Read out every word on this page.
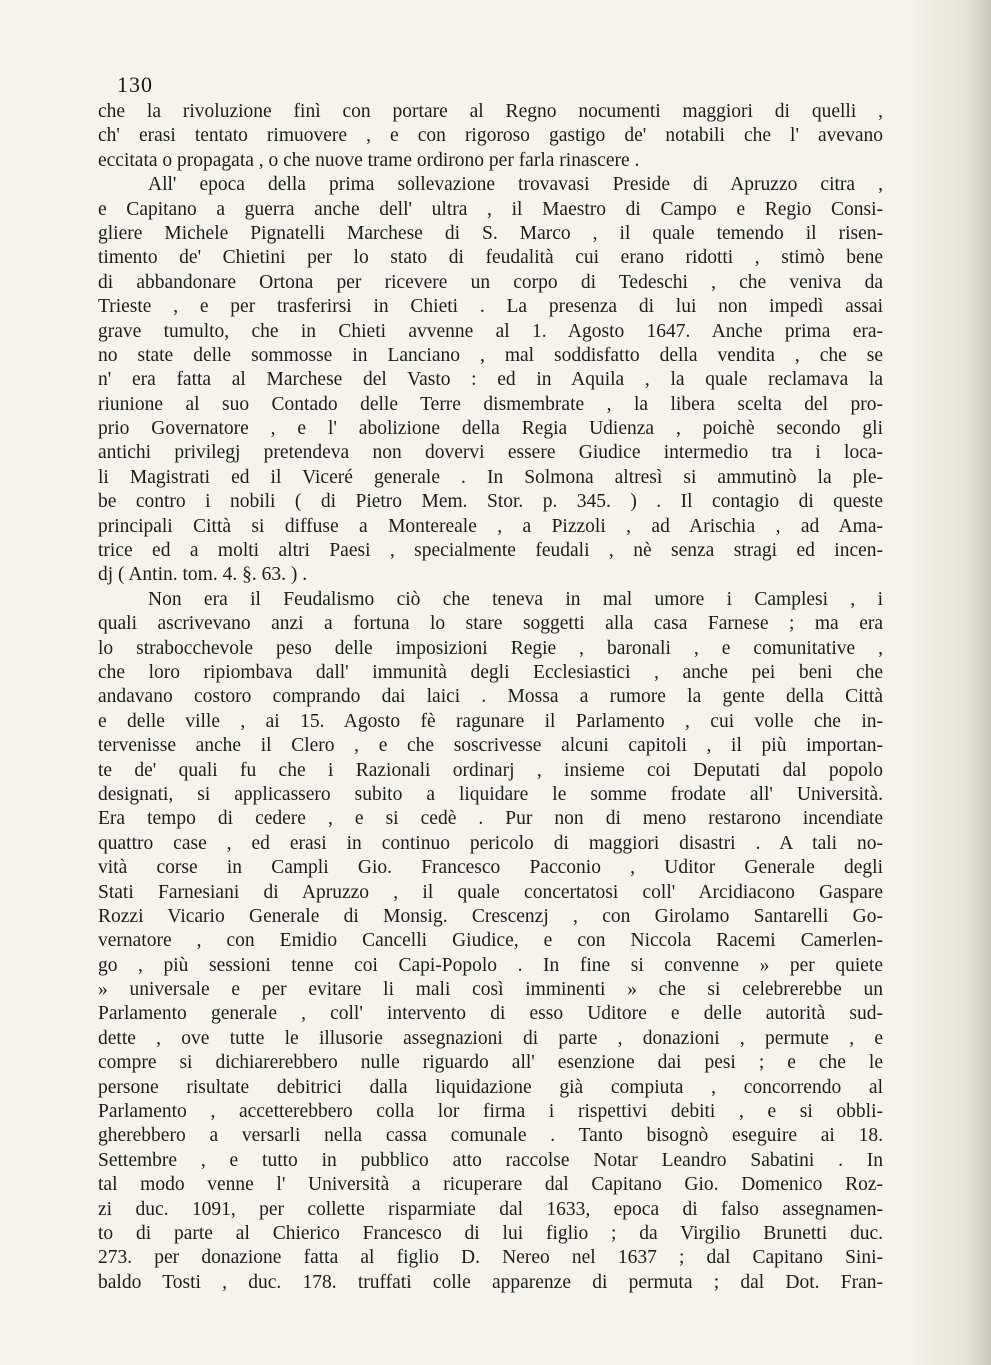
130
che la rivoluzione finì con portare al Regno nocumenti maggiori di quelli ,
ch' erasi tentato rimuovere , e con rigoroso gastigo de' notabili che l' avevano
eccitata o propagata , o che nuove trame ordirono per farla rinascere .
All' epoca della prima sollevazione trovavasi Preside di Apruzzo citra ,
e Capitano a guerra anche dell' ultra , il Maestro di Campo e Regio Consi-
gliere Michele Pignatelli Marchese di S. Marco , il quale temendo il risen-
timento de' Chietini per lo stato di feudalità cui erano ridotti , stimò bene
di abbandonare Ortona per ricevere un corpo di Tedeschi , che veniva da
Trieste , e per trasferirsi in Chieti . La presenza di lui non impedì assai
grave tumulto, che in Chieti avvenne al 1. Agosto 1647. Anche prima era-
no state delle sommosse in Lanciano , mal soddisfatto della vendita , che se
n' era fatta al Marchese del Vasto : ed in Aquila , la quale reclamava la
riunione al suo Contado delle Terre dismembrate , la libera scelta del pro-
prio Governatore , e l' abolizione della Regia Udienza , poichè secondo gli
antichi privilegj pretendeva non dovervi essere Giudice intermedio tra i loca-
li Magistrati ed il Viceré generale . In Solmona altresì si ammutinò la ple-
be contro i nobili ( di Pietro Mem. Stor. p. 345. ) . Il contagio di queste
principali Città si diffuse a Montereale , a Pizzoli , ad Arischia , ad Ama-
trice ed a molti altri Paesi , specialmente feudali , nè senza stragi ed incen-
dj ( Antin. tom. 4. §. 63. ) .
Non era il Feudalismo ciò che teneva in mal umore i Camplesi , i
quali ascrivevano anzi a fortuna lo stare soggetti alla casa Farnese ; ma era
lo strabocchevole peso delle imposizioni Regie , baronali , e comunitative ,
che loro ripiombava dall' immunità degli Ecclesiastici , anche pei beni che
andavano costoro comprando dai laici . Mossa a rumore la gente della Città
e delle ville , ai 15. Agosto fè ragunare il Parlamento , cui volle che in-
tervenisse anche il Clero , e che soscrivesse alcuni capitoli , il più importan-
te de' quali fu che i Razionali ordinarj , insieme coi Deputati dal popolo
designati, si applicassero subito a liquidare le somme frodate all' Università.
Era tempo di cedere , e si cedè . Pur non di meno restarono incendiate
quattro case , ed erasi in continuo pericolo di maggiori disastri . A tali no-
vità corse in Campli Gio. Francesco Pacconio , Uditor Generale degli
Stati Farnesiani di Apruzzo , il quale concertatosi coll' Arcidiacono Gaspare
Rozzi Vicario Generale di Monsig. Crescenzj , con Girolamo Santarelli Go-
vernatore , con Emidio Cancelli Giudice, e con Niccola Racemi Camerlen-
go , più sessioni tenne coi Capi-Popolo . In fine si convenne » per quiete
» universale e per evitare li mali così imminenti » che si celebrerebbe un
Parlamento generale , coll' intervento di esso Uditore e delle autorità sud-
dette , ove tutte le illusorie assegnazioni di parte , donazioni , permute , e
compre si dichiarerebbero nulle riguardo all' esenzione dai pesi ; e che le
persone risultate debitrici dalla liquidazione già compiuta , concorrendo al
Parlamento , accetterebbero colla lor firma i rispettivi debiti , e si obbli-
gherebbero a versarli nella cassa comunale . Tanto bisognò eseguire ai 18.
Settembre , e tutto in pubblico atto raccolse Notar Leandro Sabatini . In
tal modo venne l' Università a ricuperare dal Capitano Gio. Domenico Roz-
zi duc. 1091, per collette risparmiate dal 1633, epoca di falso assegnamen-
to di parte al Chierico Francesco di lui figlio ; da Virgilio Brunetti duc.
273. per donazione fatta al figlio D. Nereo nel 1637 ; dal Capitano Sini-
baldo Tosti , duc. 178. truffati colle apparenze di permuta ; dal Dot. Fran-
